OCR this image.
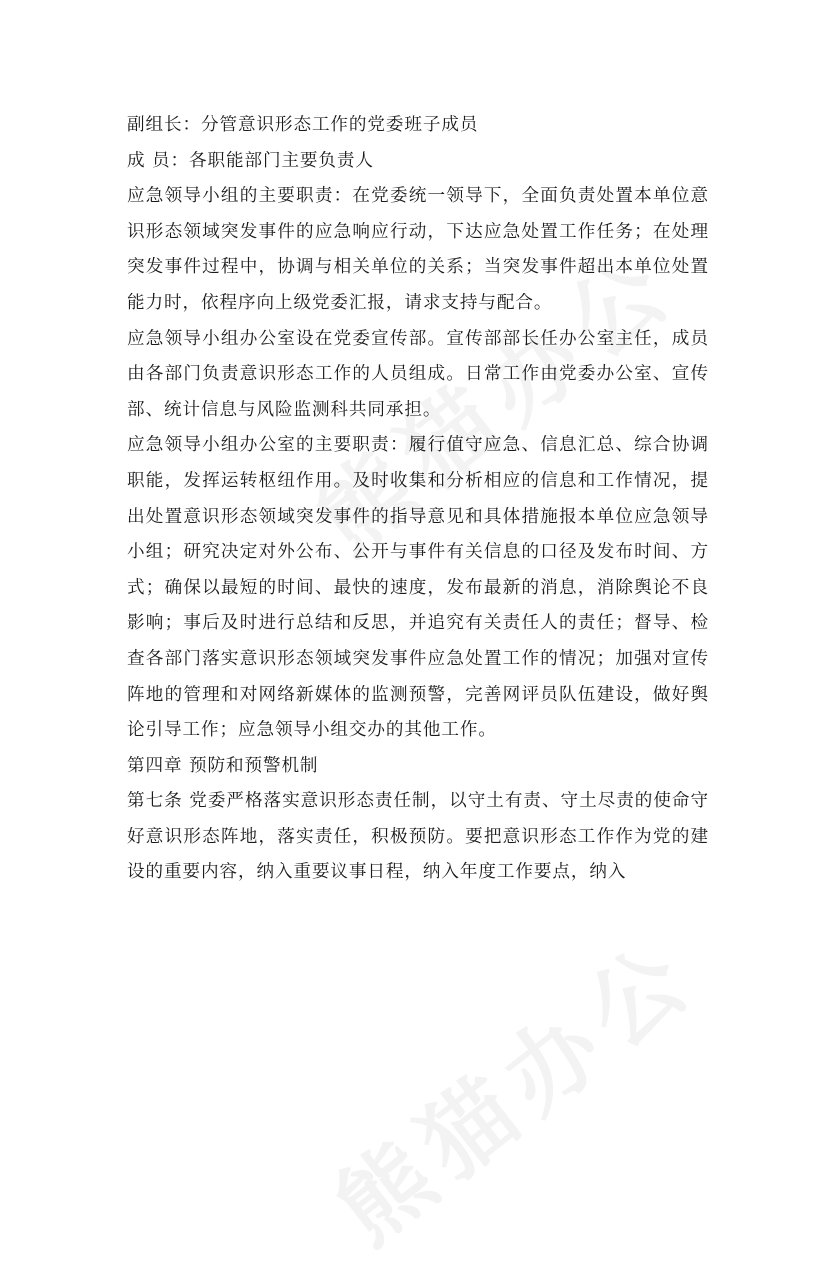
副组长：分管意识形态工作的党委班子成员

成 员：各职能部门主要负责人

应急领导小组的主要职责：在党委统一领导下，全面负责处置本单位意识形态领域突发事件的应急响应行动，下达应急处置工作任务；在处理突发事件过程中，协调与相关单位的关系；当突发事件超出本单位处置能力时，依程序向上级党委汇报，请求支持与配合。

应急领导小组办公室设在党委宣传部。宣传部部长任办公室主任，成员由各部门负责意识形态工作的人员组成。日常工作由党委办公室、宣传部、统计信息与风险监测科共同承担。

应急领导小组办公室的主要职责：履行值守应急、信息汇总、综合协调职能，发挥运转枢纽作用。及时收集和分析相应的信息和工作情况，提出处置意识形态领域突发事件的指导意见和具体措施报本单位应急领导小组；研究决定对外公布、公开与事件有关信息的口径及发布时间、方式；确保以最短的时间、最快的速度，发布最新的消息，消除舆论不良影响；事后及时进行总结和反思，并追究有关责任人的责任；督导、检查各部门落实意识形态领域突发事件应急处置工作的情况；加强对宣传阵地的管理和对网络新媒体的监测预警，完善网评员队伍建设，做好舆论引导工作；应急领导小组交办的其他工作。

第四章 预防和预警机制

第七条 党委严格落实意识形态责任制，以守土有责、守土尽责的使命守好意识形态阵地，落实责任，积极预防。要把意识形态工作作为党的建设的重要内容，纳入重要议事日程，纳入年度工作要点，纳入
